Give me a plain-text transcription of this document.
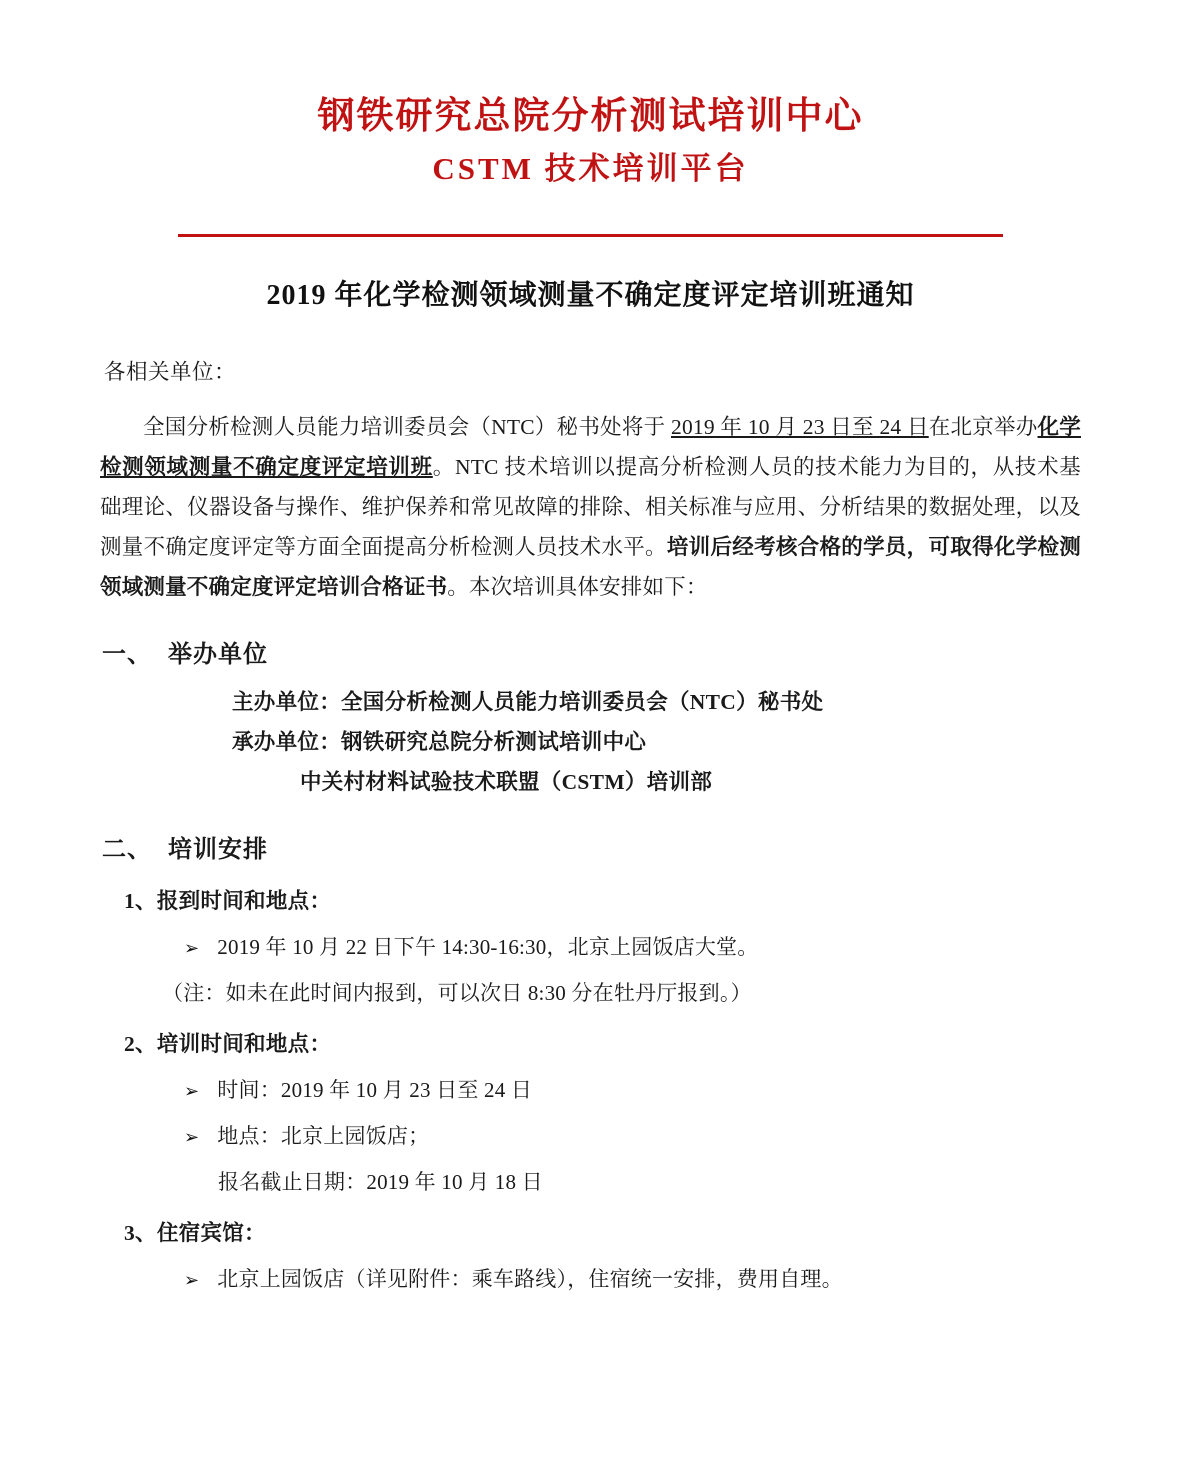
钢铁研究总院分析测试培训中心
CSTM 技术培训平台
2019 年化学检测领域测量不确定度评定培训班通知
各相关单位：

全国分析检测人员能力培训委员会（NTC）秘书处将于 2019 年 10 月 23 日至 24 日在北京举办化学检测领域测量不确定度评定培训班。NTC 技术培训以提高分析检测人员的技术能力为目的，从技术基础理论、仪器设备与操作、维护保养和常见故障的排除、相关标准与应用、分析结果的数据处理，以及测量不确定度评定等方面全面提高分析检测人员技术水平。培训后经考核合格的学员，可取得化学检测领域测量不确定度评定培训合格证书。本次培训具体安排如下：

一、 举办单位
主办单位：全国分析检测人员能力培训委员会（NTC）秘书处
承办单位：钢铁研究总院分析测试培训中心
中关村材料试验技术联盟（CSTM）培训部
二、 培训安排
1、报到时间和地点：
➢ 2019 年 10 月 22 日下午 14:30-16:30，北京上园饭店大堂。
（注：如未在此时间内报到，可以次日 8:30 分在牡丹厅报到。）
2、培训时间和地点：
➢ 时间：2019 年 10 月 23 日至 24 日
➢ 地点：北京上园饭店；
报名截止日期：2019 年 10 月 18 日
3、住宿宾馆：
➢ 北京上园饭店（详见附件：乘车路线），住宿统一安排，费用自理。
